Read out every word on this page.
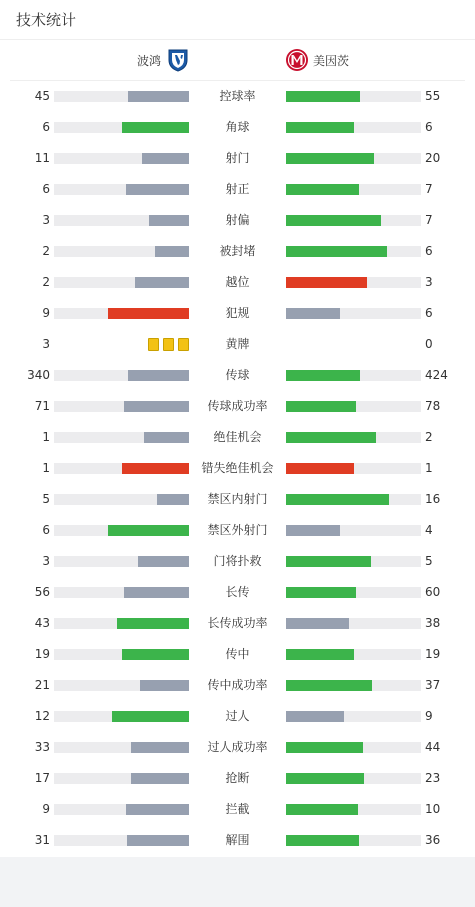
技术统计
波鸿	美因茨
45	控球率	55
6	角球	6
11	射门	20
6	射正	7
3	射偏	7
2	被封堵	6
2	越位	3
9	犯规	6
3	黄牌	0
340	传球	424
71	传球成功率	78
1	绝佳机会	2
1	错失绝佳机会	1
5	禁区内射门	16
6	禁区外射门	4
3	门将扑救	5
56	长传	60
43	长传成功率	38
19	传中	19
21	传中成功率	37
12	过人	9
33	过人成功率	44
17	抢断	23
9	拦截	10
31	解围	36
